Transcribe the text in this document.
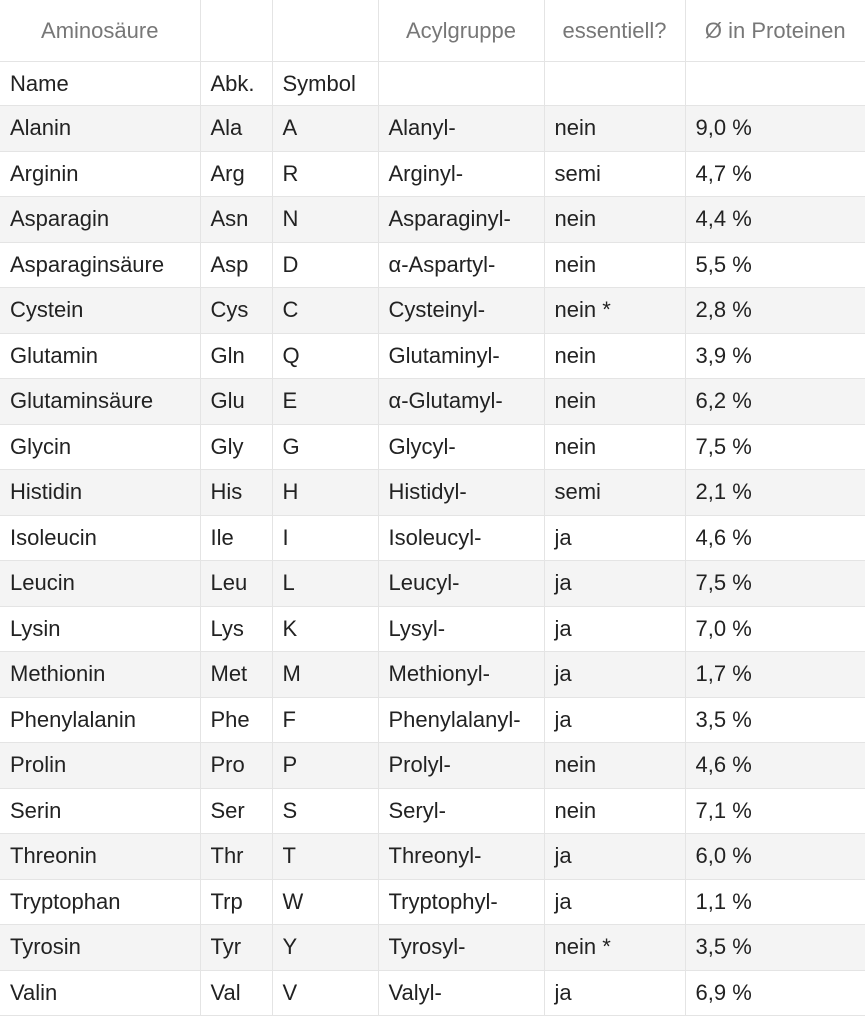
Aminosäure			Acylgruppe	essentiell?	Ø in Proteinen
Name	Abk.	Symbol			
Alanin	Ala	A	Alanyl-	nein	9,0 %
Arginin	Arg	R	Arginyl-	semi	4,7 %
Asparagin	Asn	N	Asparaginyl-	nein	4,4 %
Asparaginsäure	Asp	D	α-Aspartyl-	nein	5,5 %
Cystein	Cys	C	Cysteinyl-	nein *	2,8 %
Glutamin	Gln	Q	Glutaminyl-	nein	3,9 %
Glutaminsäure	Glu	E	α-Glutamyl-	nein	6,2 %
Glycin	Gly	G	Glycyl-	nein	7,5 %
Histidin	His	H	Histidyl-	semi	2,1 %
Isoleucin	Ile	I	Isoleucyl-	ja	4,6 %
Leucin	Leu	L	Leucyl-	ja	7,5 %
Lysin	Lys	K	Lysyl-	ja	7,0 %
Methionin	Met	M	Methionyl-	ja	1,7 %
Phenylalanin	Phe	F	Phenylalanyl-	ja	3,5 %
Prolin	Pro	P	Prolyl-	nein	4,6 %
Serin	Ser	S	Seryl-	nein	7,1 %
Threonin	Thr	T	Threonyl-	ja	6,0 %
Tryptophan	Trp	W	Tryptophyl-	ja	1,1 %
Tyrosin	Tyr	Y	Tyrosyl-	nein *	3,5 %
Valin	Val	V	Valyl-	ja	6,9 %
